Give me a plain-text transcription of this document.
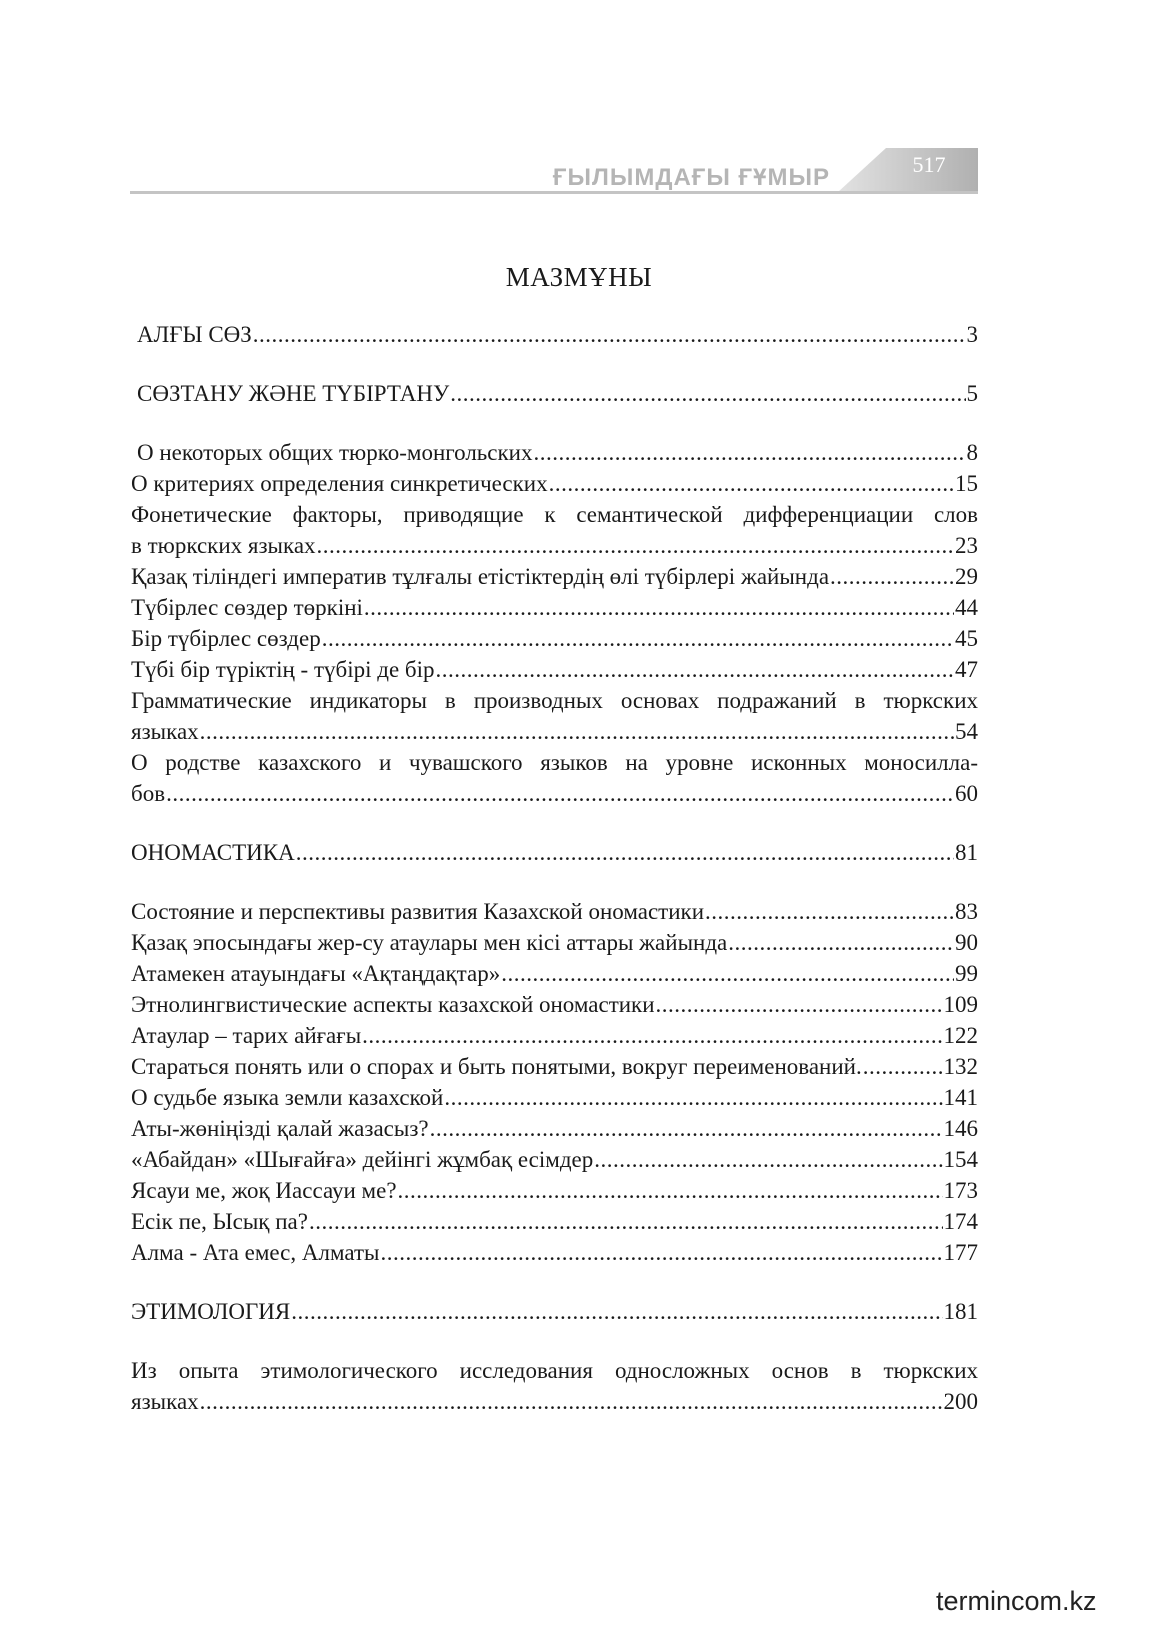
ҒЫЛЫМДАҒЫ ҒҰМЫР	517
МАЗМҰНЫ
АЛҒЫ СӨЗ .....	3
СӨЗТАНУ ЖӘНЕ ТҮБІРТАНУ .....	5
О некоторых общих тюрко-монгольских .....	8
О критериях определения синкретических .....	15
Фонетические факторы, приводящие к семантической дифференциации слов
в тюркских языках .....	23
Қазақ тіліндегі императив тұлғалы етістіктердің өлі түбірлері жайында .....	29
Түбірлес сөздер төркіні .....	44
Бір түбірлес сөздер .....	45
Түбі бір түріктің - түбірі де бір .....	47
Грамматические индикаторы в производных основах подражаний в тюркских
языках .....	54
О родстве казахского и чувашского языков на уровне исконных моносилла-
бов .....	60
ОНОМАСТИКА .....	81
Состояние и перспективы развития Казахской ономастики .....	83
Қазақ эпосындағы жер-су атаулары мен кісі аттары жайында .....	90
Атамекен атауындағы «Ақтаңдақтар» .....	99
Этнолингвистические аспекты казахской ономастики .....	109
Атаулар – тарих айғағы .....	122
Стараться понять или о спорах и быть понятыми, вокруг переименований. .....	132
О судьбе языка земли казахской .....	141
Аты-жөніңізді қалай жазасыз? .....	146
«Абайдан» «Шығайға» дейінгі жұмбақ есімдер .....	154
Ясауи ме, жоқ Иассауи ме? .....	173
Есік пе, Ысық па? .....	174
Алма - Ата емес, Алматы .....	177
ЭТИМОЛОГИЯ .....	181
Из опыта этимологического исследования односложных основ в тюркских
языках .....	200
termincom.kz
